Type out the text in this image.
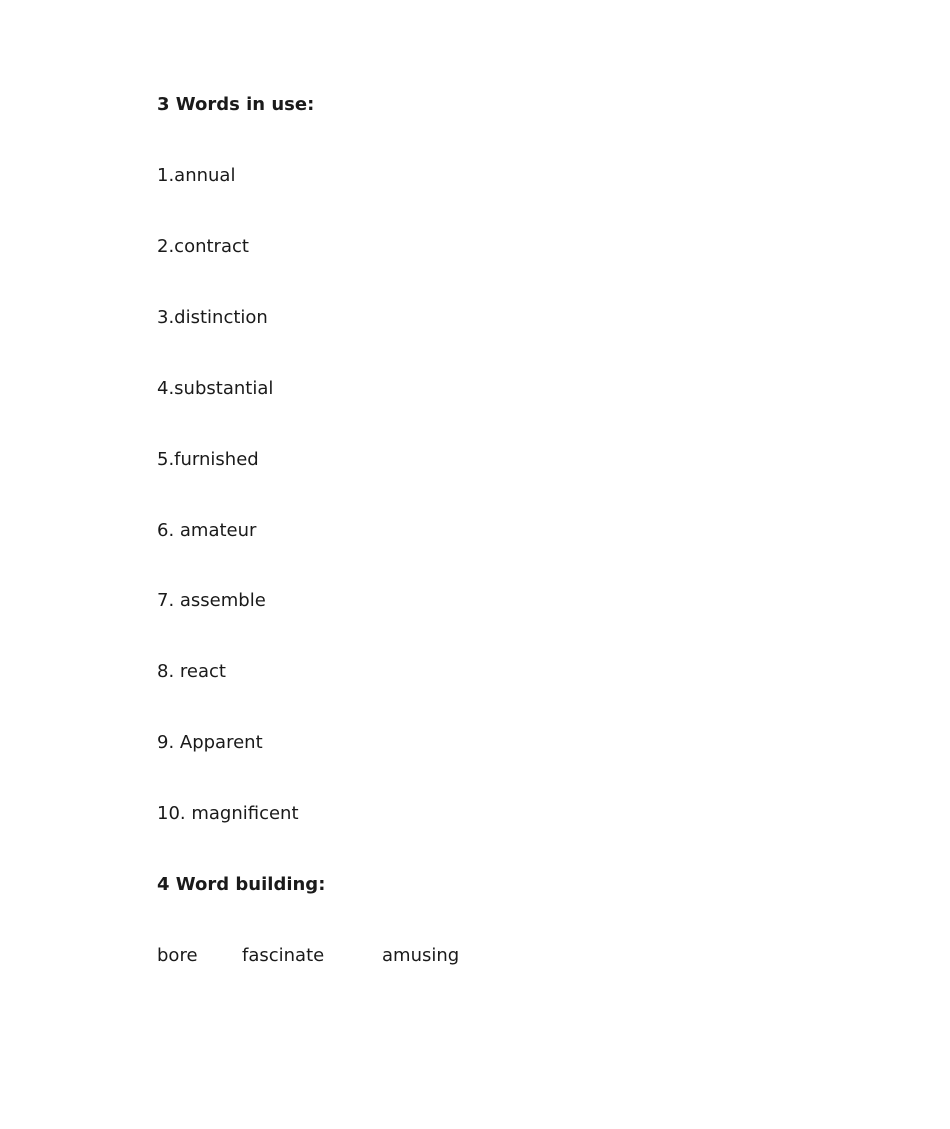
3 Words in use:
1.annual
2.contract
3.distinction
4.substantial
5.furnished
6. amateur
7. assemble
8. react
9. Apparent
10. magnificent
4 Word building:
bore fascinate	amusing
